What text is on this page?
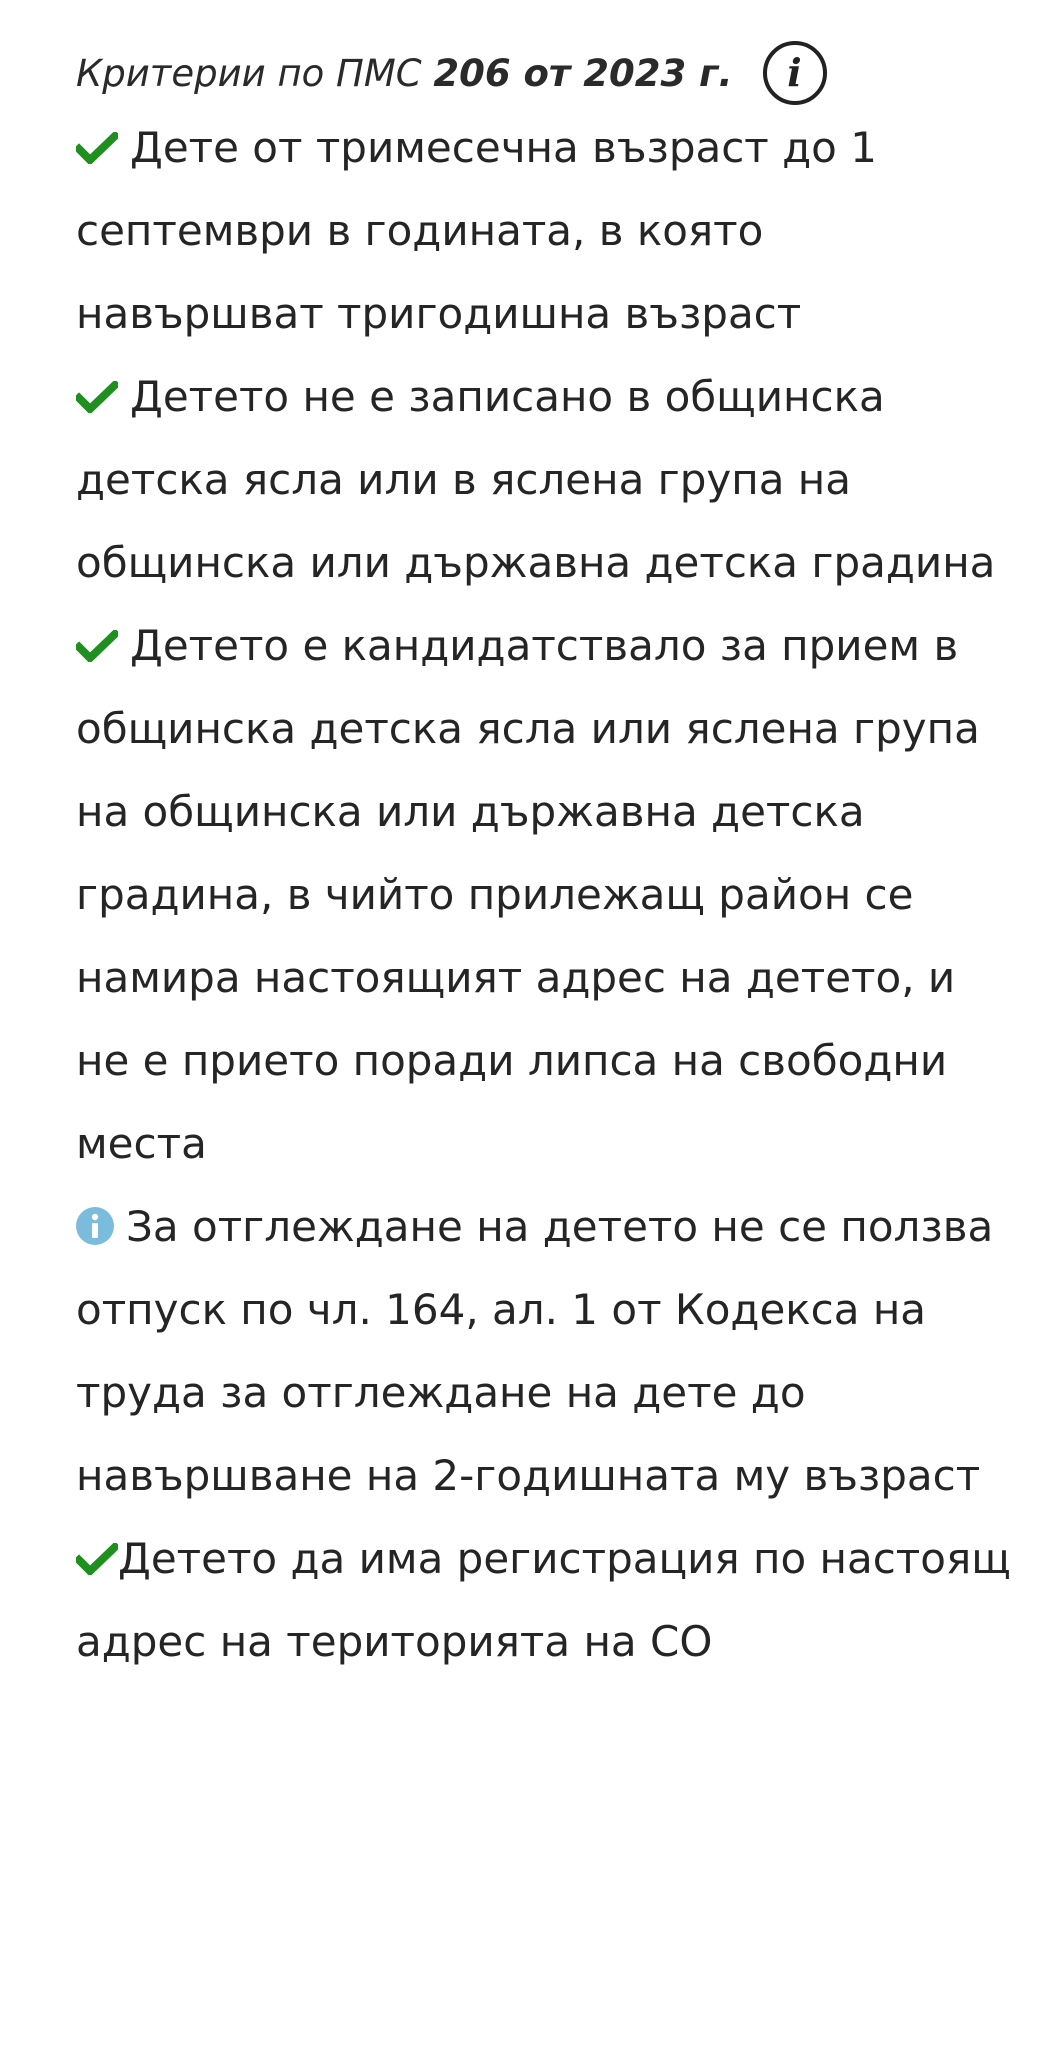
Критерии по ПМС 206 от 2023 г. i
Дете от тримесечна възраст до 1 септември в годината, в която навършват тригодишна възраст
Детето не е записано в общинска детска ясла или в яслена група на общинска или държавна детска градина
Детето е кандидатствало за прием в общинска детска ясла или яслена група на общинска или държавна детска градина, в чийто прилежащ район се намира настоящият адрес на детето, и не е прието поради липса на свободни места
За отглеждане на детето не се ползва отпуск по чл. 164, ал. 1 от Кодекса на труда за отглеждане на дете до навършване на 2-годишната му възраст
Детето да има регистрация по настоящ адрес на територията на СО
